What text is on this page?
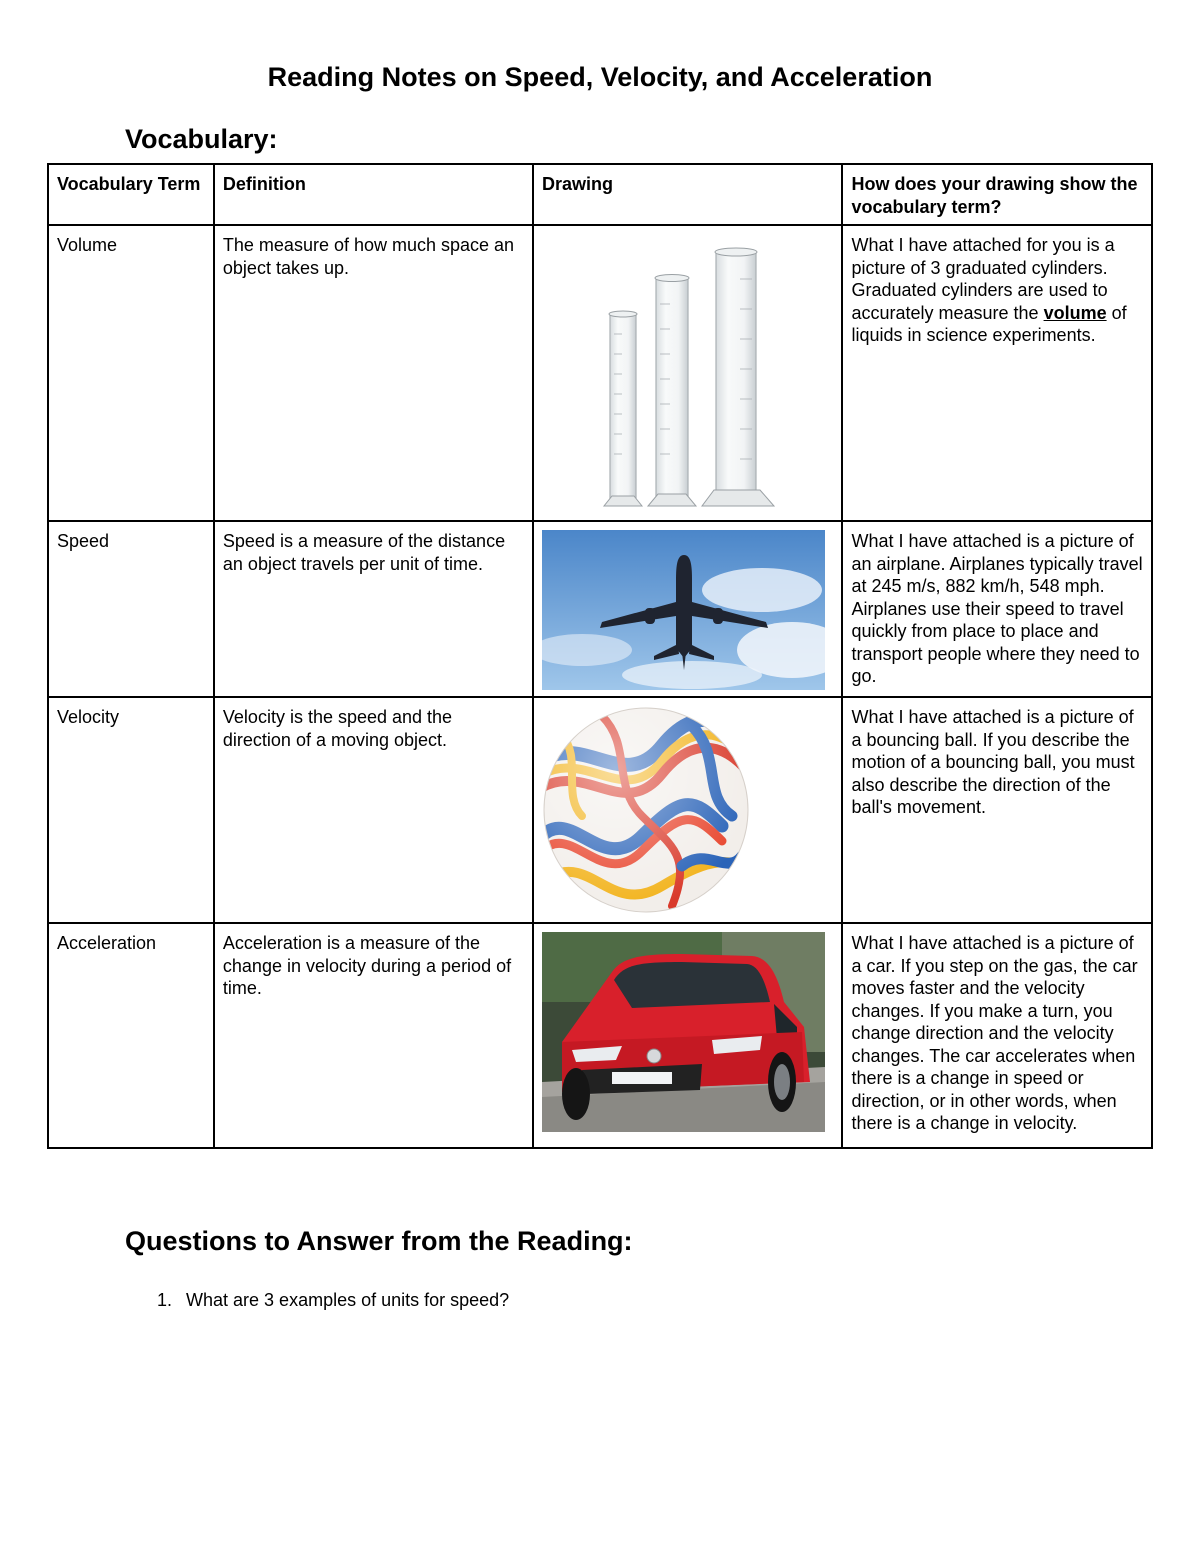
Reading Notes on Speed, Velocity, and Acceleration
Vocabulary:
Vocabulary Term	Definition	Drawing	How does your drawing show the vocabulary term?
Volume	The measure of how much space an object takes up.		What I have attached for you is a picture of 3 graduated cylinders. Graduated cylinders are used to accurately measure the volume of liquids in science experiments.
Speed	Speed is a measure of the distance an object travels per unit of time.		What I have attached is a picture of an airplane. Airplanes typically travel at 245 m/s, 882 km/h, 548 mph. Airplanes use their speed to travel quickly from place to place and transport people where they need to go.
Velocity	Velocity is the speed and the direction of a moving object.		What I have attached is a picture of a bouncing ball. If you describe the motion of a bouncing ball, you must also describe the direction of the ball's movement.
Acceleration	Acceleration is a measure of the change in velocity during a period of time.		What I have attached is a picture of a car. If you step on the gas, the car moves faster and the velocity changes. If you make a turn, you change direction and the velocity changes. The car accelerates when there is a change in speed or direction, or in other words, when there is a change in velocity.
Questions to Answer from the Reading:
1. What are 3 examples of units for speed?
